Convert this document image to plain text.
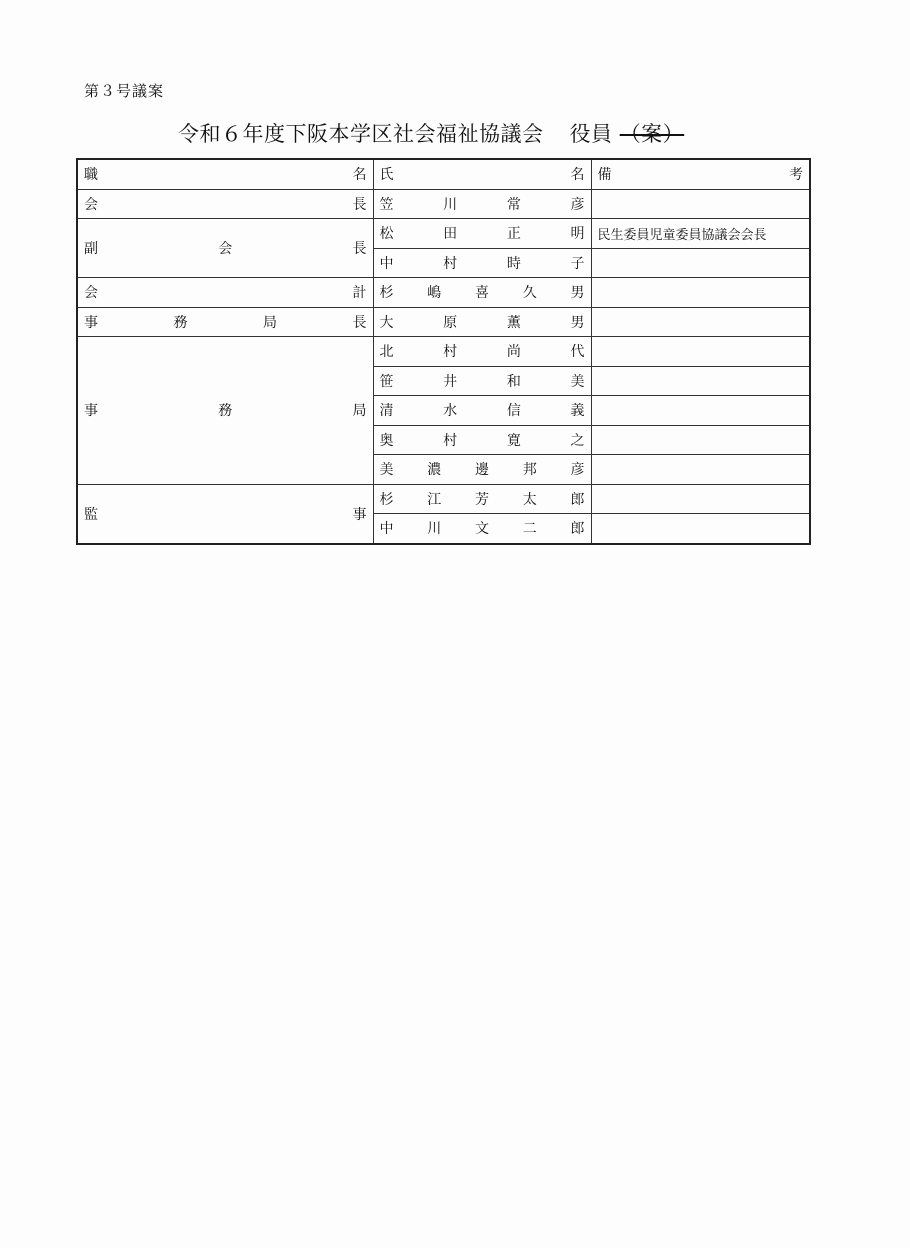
第３号議案
令和６年度下阪本学区社会福祉協議会 役員 （案）
職 名	氏 名	備 考

会 長	笠 川 常 彦	

副 会 長	松 田 正 明	民生委員児童委員協議会会長

	中 村 時 子	

会 計	杉 嶋 喜 久 男	

事 務 局 長	大 原 薫 男	

事 務 局	北 村 尚 代	

	笹 井 和 美	

	清 水 信 義	

	奥 村 寛 之	

	美 濃 邊 邦 彦	

監 事	杉 江 芳 太 郎	

	中 川 文 二 郎	
